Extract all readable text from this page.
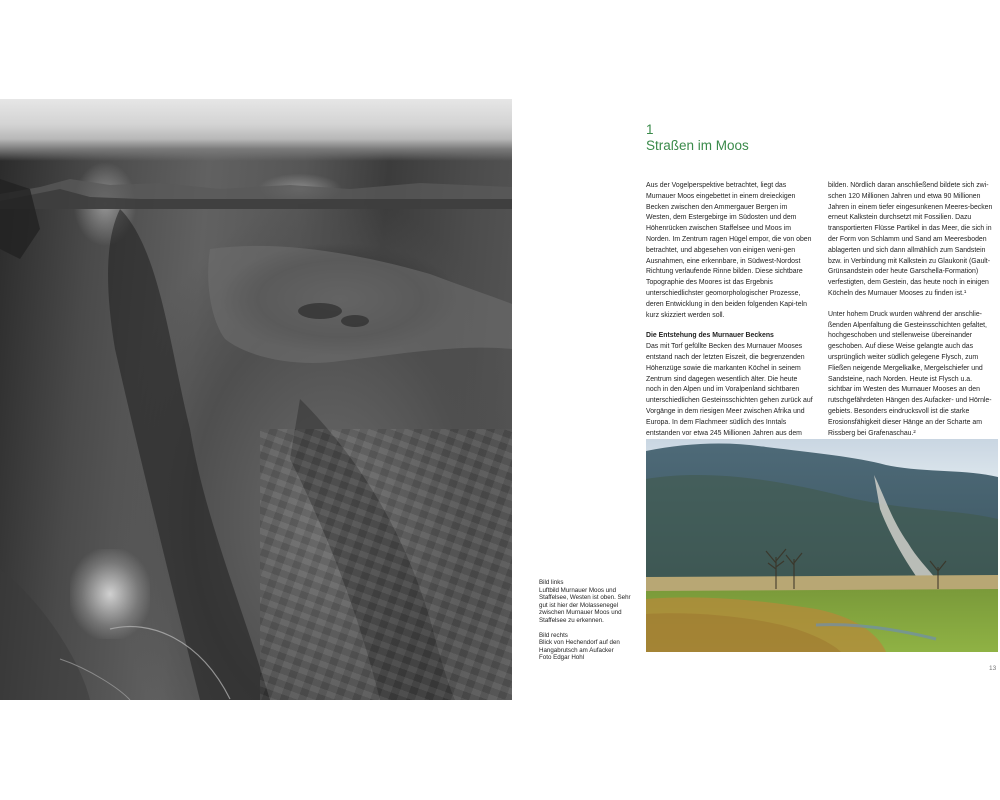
Bild links
Luftbild Murnauer Moos und Staffelsee, Westen ist oben. Sehr gut ist hier der Molassenegel zwischen Murnauer Moos und Staffelsee zu erkennen.
Bild rechts
Blick von Hechendorf auf den Hangabrutsch am Aufacker
Foto Edgar Hohl
1
Straßen im Moos

Aus der Vogelperspektive betrachtet, liegt das Murnauer Moos eingebettet in einem dreieckigen Becken zwischen den Ammergauer Bergen im Westen, dem Estergebirge im Südosten und dem Höhenrücken zwischen Staffelsee und Moos im Norden. Im Zentrum ragen Hügel empor, die von oben betrachtet, und abgesehen von einigen weni-gen Ausnahmen, eine erkennbare, in Südwest-Nordost Richtung verlaufende Rinne bilden. Diese sichtbare Topographie des Moores ist das Ergebnis unterschiedlichster geomorphologischer Prozesse, deren Entwicklung in den beiden folgenden Kapi-teln kurz skizziert werden soll.

Die Entstehung des Murnauer Beckens

Das mit Torf gefüllte Becken des Murnauer Mooses entstand nach der letzten Eiszeit, die begrenzenden Höhenzüge sowie die markanten Köchel in seinem Zentrum sind dagegen wesentlich älter. Die heute noch in den Alpen und im Voralpenland sichtbaren unterschiedlichen Gesteinsschichten gehen zurück auf Vorgänge in dem riesigen Meer zwischen Afrika und Europa. In dem Flachmeer südlich des Inntals entstanden vor etwa 245 Millionen Jahren aus dem

bilden. Nördlich daran anschließend bildete sich zwi-schen 120 Millionen Jahren und etwa 90 Millionen Jahren in einem tiefer eingesunkenen Meeres-becken erneut Kalkstein durchsetzt mit Fossilien. Dazu transportierten Flüsse Partikel in das Meer, die sich in der Form von Schlamm und Sand am Meeresboden ablagerten und sich dann allmählich zum Sandstein bzw. in Verbindung mit Kalkstein zu Glaukonit (Gault-Grünsandstein oder heute Garschella-Formation) verfestigten, dem Gestein, das heute noch in einigen Köcheln des Murnauer Mooses zu finden ist.¹

Unter hohem Druck wurden während der anschlie-ßenden Alpenfaltung die Gesteinsschichten gefaltet, hochgeschoben und stellenweise übereinander geschoben. Auf diese Weise gelangte auch das ursprünglich weiter südlich gelegene Flysch, zum Fließen neigende Mergelkalke, Mergelschiefer und Sandsteine, nach Norden. Heute ist Flysch u.a. sichtbar im Westen des Murnauer Mooses an den rutschgefährdeten Hängen des Aufacker- und Hörnle-gebiets. Besonders eindrucksvoll ist die starke Erosionsfähigkeit dieser Hänge an der Scharte am Rissberg bei Grafenaschau.²

13
